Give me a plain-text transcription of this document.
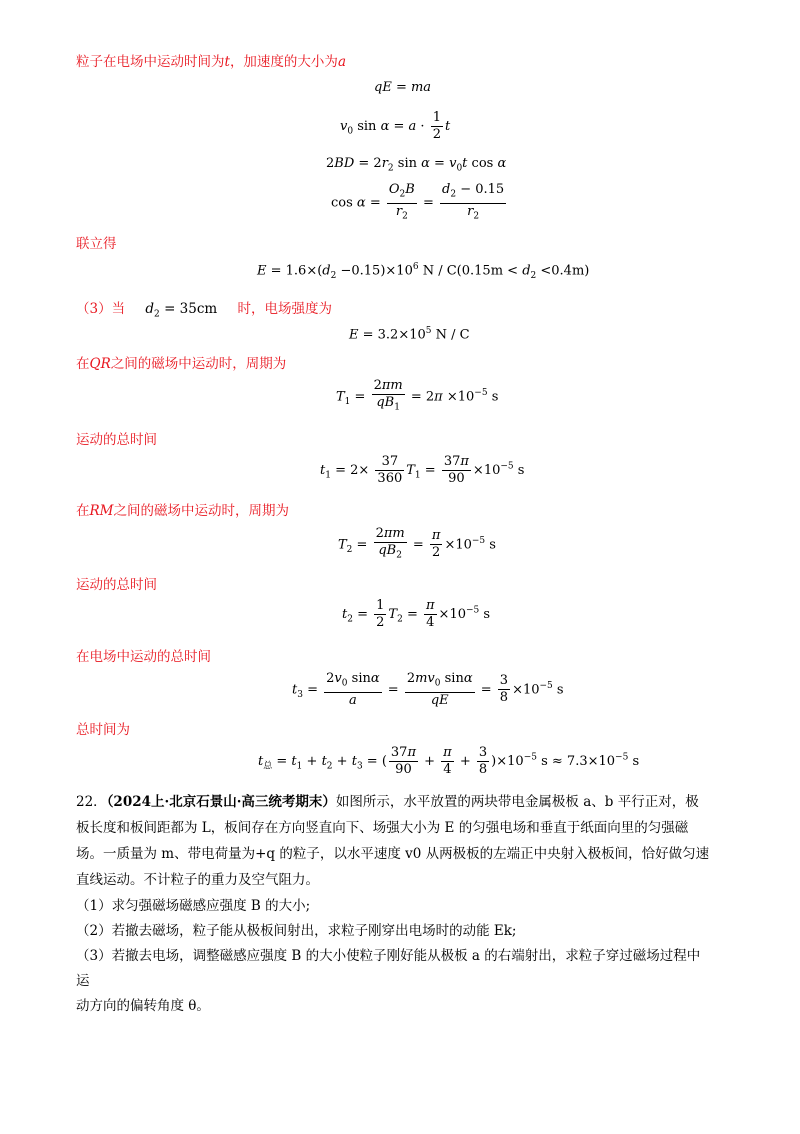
粒子在电场中运动时间为t，加速度的大小为a
qE = ma
$v_0$ $\sin \alpha = a \cdot \frac{1}{2}$ t
$2BD = 2r_2$ $\sin \alpha = v_0t$ cos α
$\cos \alpha = \frac{O_2B}{r_2} = \frac{d_2 - 0.15}{r_2}$
联立得
$E = 1.6\times(d_2 -0.15)\times 10^6$ $N / C(0.15m < d_2 <0.4m)$
（3）当 $d_2 = 35cm$ 时，电场强度为
$E = 3.2\times 10^5$ N / C
在QR之间的磁场中运动时，周期为
$T_1 = \frac{2\pi m}{qB_1} = 2\pi \times 10^{-5}$ s
运动的总时间
$t_1 = 2\times \frac{37}{360} T_1 = \frac{37\pi}{90} \times 10^{-5}$ s
在RM之间的磁场中运动时，周期为
$T_2 = \frac{2\pi m}{qB_2} = \frac{\pi}{2} \times 10^{-5}$ s
运动的总时间
$t_2 = \frac{1}{2} T_2 = \frac{\pi}{4} \times 10^{-5}$ s
在电场中运动的总时间
$t_3 = \frac{2v_0 \sin\alpha}{a} = \frac{2mv_0 \sin\alpha}{qE} = \frac{3}{8} \times 10^{-5}$ s
总时间为
$t_总 = t_1 + t_2 + t_3$ = ( $\frac{37\pi}{90} + \frac{\pi}{4} + \frac{3}{8} )\times 10^{-5}$ $s \approx 7.3\times 10^{-5}$ s
22．（2024上·北京石景山·高三统考期末）如图所示，水平放置的两块带电金属极板 a、b 平行正对，极
板长度和板间距都为 L，板间存在方向竖直向下、场强大小为 E 的匀强电场和垂直于纸面向里的匀强磁
场。一质量为 m、带电荷量为+q 的粒子，以水平速度 v0 从两极板的左端正中央射入极板间，恰好做匀速
直线运动。不计粒子的重力及空气阻力。
（1）求匀强磁场磁感应强度 B 的大小;
（2）若撤去磁场，粒子能从极板间射出，求粒子刚穿出电场时的动能 Ek;
（3）若撤去电场，调整磁感应强度 B 的大小使粒子刚好能从极板 a 的右端射出，求粒子穿过磁场过程中
运
动方向的偏转角度 θ。
